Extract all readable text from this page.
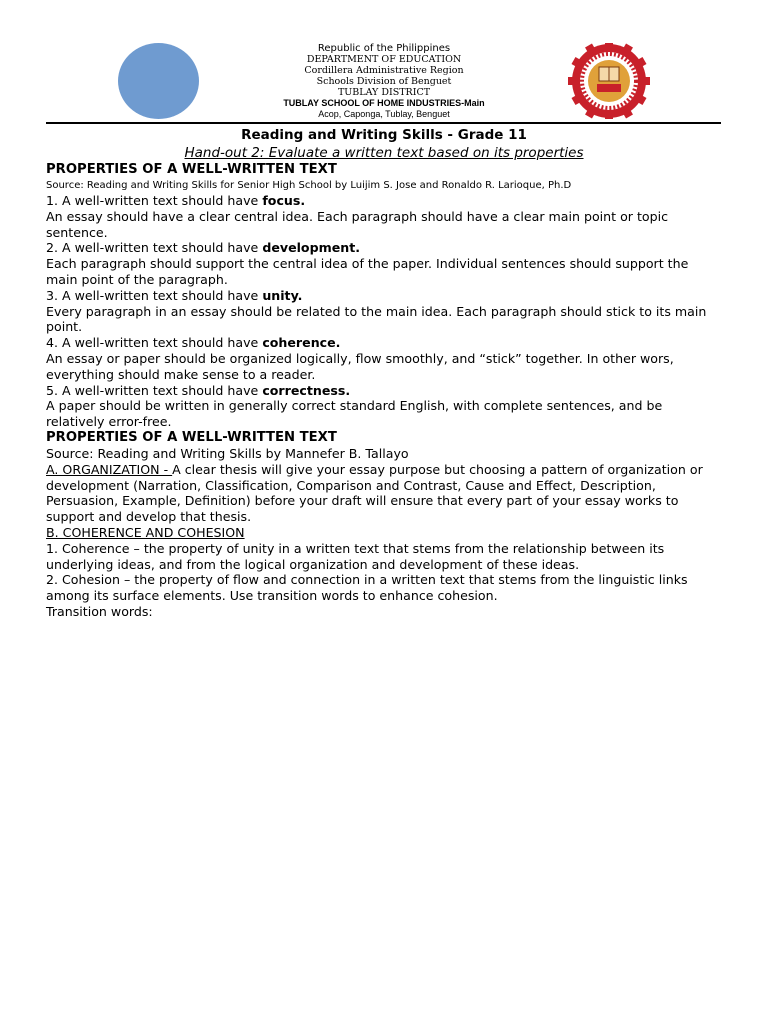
Republic of the Philippines
DEPARTMENT OF EDUCATION
Cordillera Administrative Region
Schools Division of Benguet
TUBLAY DISTRICT
TUBLAY SCHOOL OF HOME INDUSTRIES-Main
Acop, Caponga, Tublay, Benguet

Reading and Writing Skills - Grade 11

Hand-out 2: Evaluate a written text based on its properties

PROPERTIES OF A WELL-WRITTEN TEXT

Source: Reading and Writing Skills for Senior High School by Luijim S. Jose and Ronaldo R. Larioque, Ph.D

1. A well-written text should have focus.

An essay should have a clear central idea. Each paragraph should have a clear main point or topic sentence.

2. A well-written text should have development.

Each paragraph should support the central idea of the paper. Individual sentences should support the main point of the paragraph.

3. A well-written text should have unity.

Every paragraph in an essay should be related to the main idea. Each paragraph should stick to its main point.

4. A well-written text should have coherence.

An essay or paper should be organized logically, flow smoothly, and “stick” together. In other wors, everything should make sense to a reader.

5. A well-written text should have correctness.

A paper should be written in generally correct standard English, with complete sentences, and be relatively error-free.

PROPERTIES OF A WELL-WRITTEN TEXT

Source: Reading and Writing Skills by Mannefer B. Tallayo

A. ORGANIZATION - A clear thesis will give your essay purpose but choosing a pattern of organization or development (Narration, Classification, Comparison and Contrast, Cause and Effect, Description, Persuasion, Example, Definition) before your draft will ensure that every part of your essay works to support and develop that thesis.

B. COHERENCE AND COHESION

1. Coherence – the property of unity in a written text that stems from the relationship between its underlying ideas, and from the logical organization and development of these ideas.

2. Cohesion – the property of flow and connection in a written text that stems from the linguistic links among its surface elements. Use transition words to enhance cohesion.

Transition words:
